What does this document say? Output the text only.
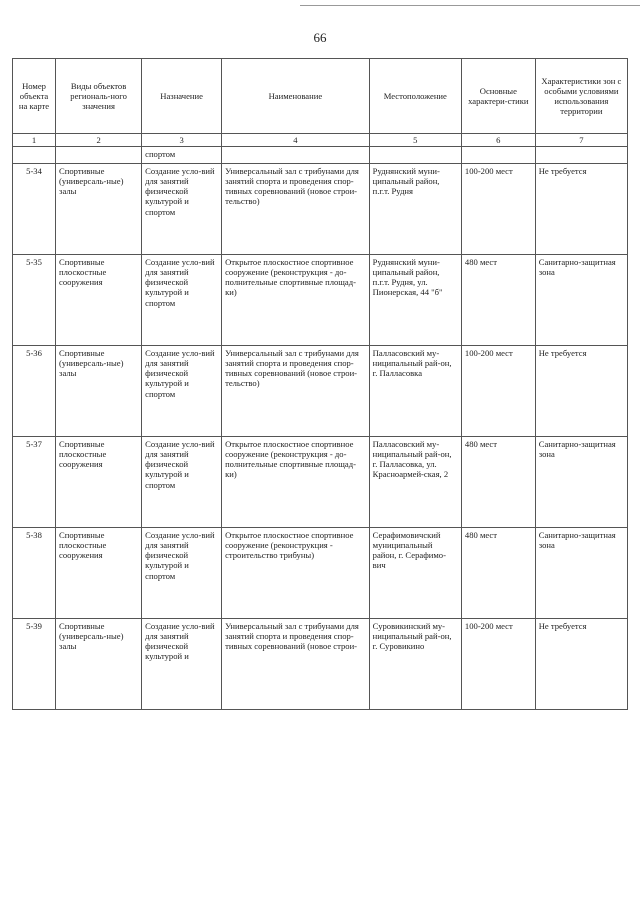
66
Номер объекта на карте	Виды объектов региональ-ного значения	Назначение	Наименование	Местоположение	Основные характери-стики	Характеристики зон с особыми условиями использования территории
1	2	3	4	5	6	7
		спортом				
5-34	Спортивные (универсаль-ные) залы	Создание усло-вий для занятий физической культурой и спортом	Универсальный зал с трибунами для занятий спорта и проведения спор-тивных соревнований (новое строи-тельство)	Руднянский муни-ципальный район, п.г.т. Рудня	100-200 мест	Не требуется
5-35	Спортивные плоскостные сооружения	Создание усло-вий для занятий физической культурой и спортом	Открытое плоскостное спортивное сооружение (реконструкция - до-полнительные спортивные площад-ки)	Руднянский муни-ципальный район, п.г.т. Рудня, ул. Пионерская, 44 "б"	480 мест	Санитарно-защитная зона
5-36	Спортивные (универсаль-ные) залы	Создание усло-вий для занятий физической культурой и спортом	Универсальный зал с трибунами для занятий спорта и проведения спор-тивных соревнований (новое строи-тельство)	Палласовский му-ниципальный рай-он, г. Палласовка	100-200 мест	Не требуется
5-37	Спортивные плоскостные сооружения	Создание усло-вий для занятий физической культурой и спортом	Открытое плоскостное спортивное сооружение (реконструкция - до-полнительные спортивные площад-ки)	Палласовский му-ниципальный рай-он, г. Палласовка, ул. Красноармей-ская, 2	480 мест	Санитарно-защитная зона
5-38	Спортивные плоскостные сооружения	Создание усло-вий для занятий физической культурой и спортом	Открытое плоскостное спортивное сооружение (реконструкция - строительство трибуны)	Серафимовичский муниципальный район, г. Серафимо-вич	480 мест	Санитарно-защитная зона
5-39	Спортивные (универсаль-ные) залы	Создание усло-вий для занятий физической культурой и	Универсальный зал с трибунами для занятий спорта и проведения спор-тивных соревнований (новое строи-	Суровикинский му-ниципальный рай-он, г. Суровикино	100-200 мест	Не требуется
